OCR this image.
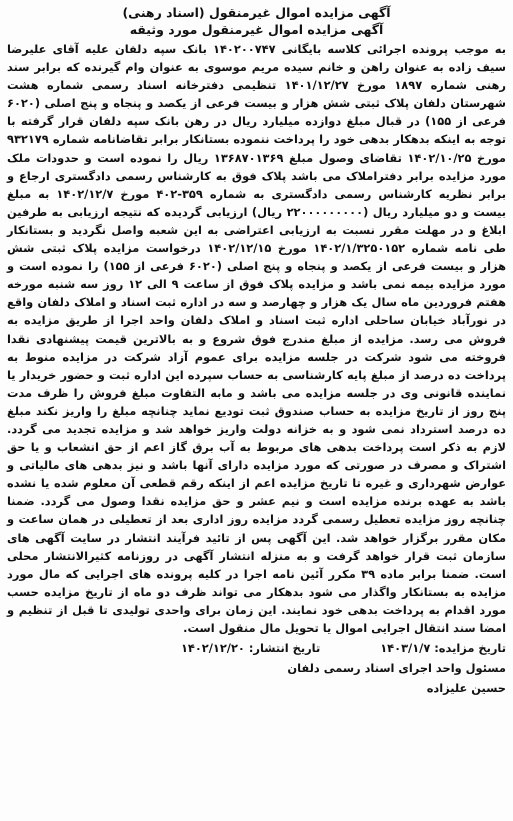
آگهی مزایده اموال غیرمنقول (اسناد رهنی)

آگهی مزایده اموال غیرمنقول مورد وثیقه

به موجب پرونده اجرائی کلاسه بایگانی ۱۴۰۲۰۰۷۴۷ بانک سپه دلفان علیه آقای علیرضا سیف زاده به عنوان راهن و خانم سیده مریم موسوی به عنوان وام گیرنده که برابر سند رهنی شماره ۱۸۹۷ مورخ ۱۴۰۱/۱۲/۲۷ تنظیمی دفترخانه اسناد رسمی شماره هشت شهرستان دلفان پلاک ثبتی شش هزار و بیست فرعی از یکصد و پنجاه و پنج اصلی (۶۰۲۰ فرعی از ۱۵۵) در قبال مبلغ دوازده میلیارد ریال در رهن بانک سپه دلفان قرار گرفته با توجه به اینکه بدهکار بدهی خود را پرداخت ننموده بستانکار برابر تقاضانامه شماره ۹۳۲۱۷۹ مورخ ۱۴۰۲/۱۰/۲۵ تقاضای وصول مبلغ ۱۳۶۸۷۰۱۳۶۹ ریال را نموده است و حدودات ملک مورد مزایده برابر دفتراملاک می باشد پلاک فوق به کارشناس رسمی دادگستری ارجاع و برابر نظریه کارشناس رسمی دادگستری به شماره ۳۵۹-۴۰۲ مورخ ۱۴۰۲/۱۲/۷ به مبلغ بیست و دو میلیارد ریال (۲۲۰۰۰۰۰۰۰۰۰ ریال) ارزیابی گردیده که نتیجه ارزیابی به طرفین ابلاغ و در مهلت مقرر نسبت به ارزیابی اعتراضی به این شعبه واصل نگردید و بستانکار طی نامه شماره ۱۴۰۲/۱/۳۲۵۰۱۵۲ مورخ ۱۴۰۲/۱۲/۱۵ درخواست مزایده پلاک ثبتی شش هزار و بیست فرعی از یکصد و پنجاه و پنج اصلی (۶۰۲۰ فرعی از ۱۵۵) را نموده است و مورد مزایده بیمه نمی باشد و مزایده پلاک فوق از ساعت ۹ الی ۱۲ روز سه شنبه مورخه هفتم فروردین ماه سال یک هزار و چهارصد و سه در اداره ثبت اسناد و املاک دلفان واقع در نورآباد خیابان ساحلی اداره ثبت اسناد و املاک دلفان واحد اجرا از طریق مزایده به فروش می رسد. مزایده از مبلغ مندرج فوق شروع و به بالاترین قیمت پیشنهادی نقدا فروخته می شود شرکت در جلسه مزایده برای عموم آزاد شرکت در مزایده منوط به پرداخت ده درصد از مبلغ پایه کارشناسی به حساب سپرده این اداره ثبت و حضور خریدار یا نماینده قانونی وی در جلسه مزایده می باشد و مابه التفاوت مبلغ فروش را ظرف مدت پنج روز از تاریخ مزایده به حساب صندوق ثبت تودیع نماید چنانچه مبلغ را واریز نکند مبلغ ده درصد استرداد نمی شود و به خزانه دولت واریز خواهد شد و مزایده تجدید می گردد. لازم به ذکر است پرداخت بدهی های مربوط به آب برق گاز اعم از حق انشعاب و یا حق اشتراک و مصرف در صورتی که مورد مزایده دارای آنها باشد و نیز بدهی های مالیاتی و عوارض شهرداری و غیره تا تاریخ مزایده اعم از اینکه رقم قطعی آن معلوم شده یا نشده باشد به عهده برنده مزایده است و نیم عشر و حق مزایده نقدا وصول می گردد. ضمنا چنانچه روز مزایده تعطیل رسمی گردد مزایده روز اداری بعد از تعطیلی در همان ساعت و مکان مقرر برگزار خواهد شد. این آگهی پس از تائید فرآیند انتشار در سایت آگهی های سازمان ثبت قرار خواهد گرفت و به منزله انتشار آگهی در روزنامه کثیرالانتشار محلی است. ضمنا برابر ماده ۳۹ مکرر آئین نامه اجرا در کلیه پرونده های اجرایی که مال مورد مزایده به بستانکار واگذار می شود بدهکار می تواند ظرف دو ماه از تاریخ مزایده حسب مورد اقدام به پرداخت بدهی خود نمایند. این زمان برای واحدی تولیدی تا قبل از تنظیم و امضا سند انتقال اجرایی اموال یا تحویل مال منقول است.

تاریخ مزایده: ۱۴۰۳/۱/۷
تاریخ انتشار: ۱۴۰۲/۱۲/۲۰
مسئول واحد اجرای اسناد رسمی دلفان
حسین علیزاده
